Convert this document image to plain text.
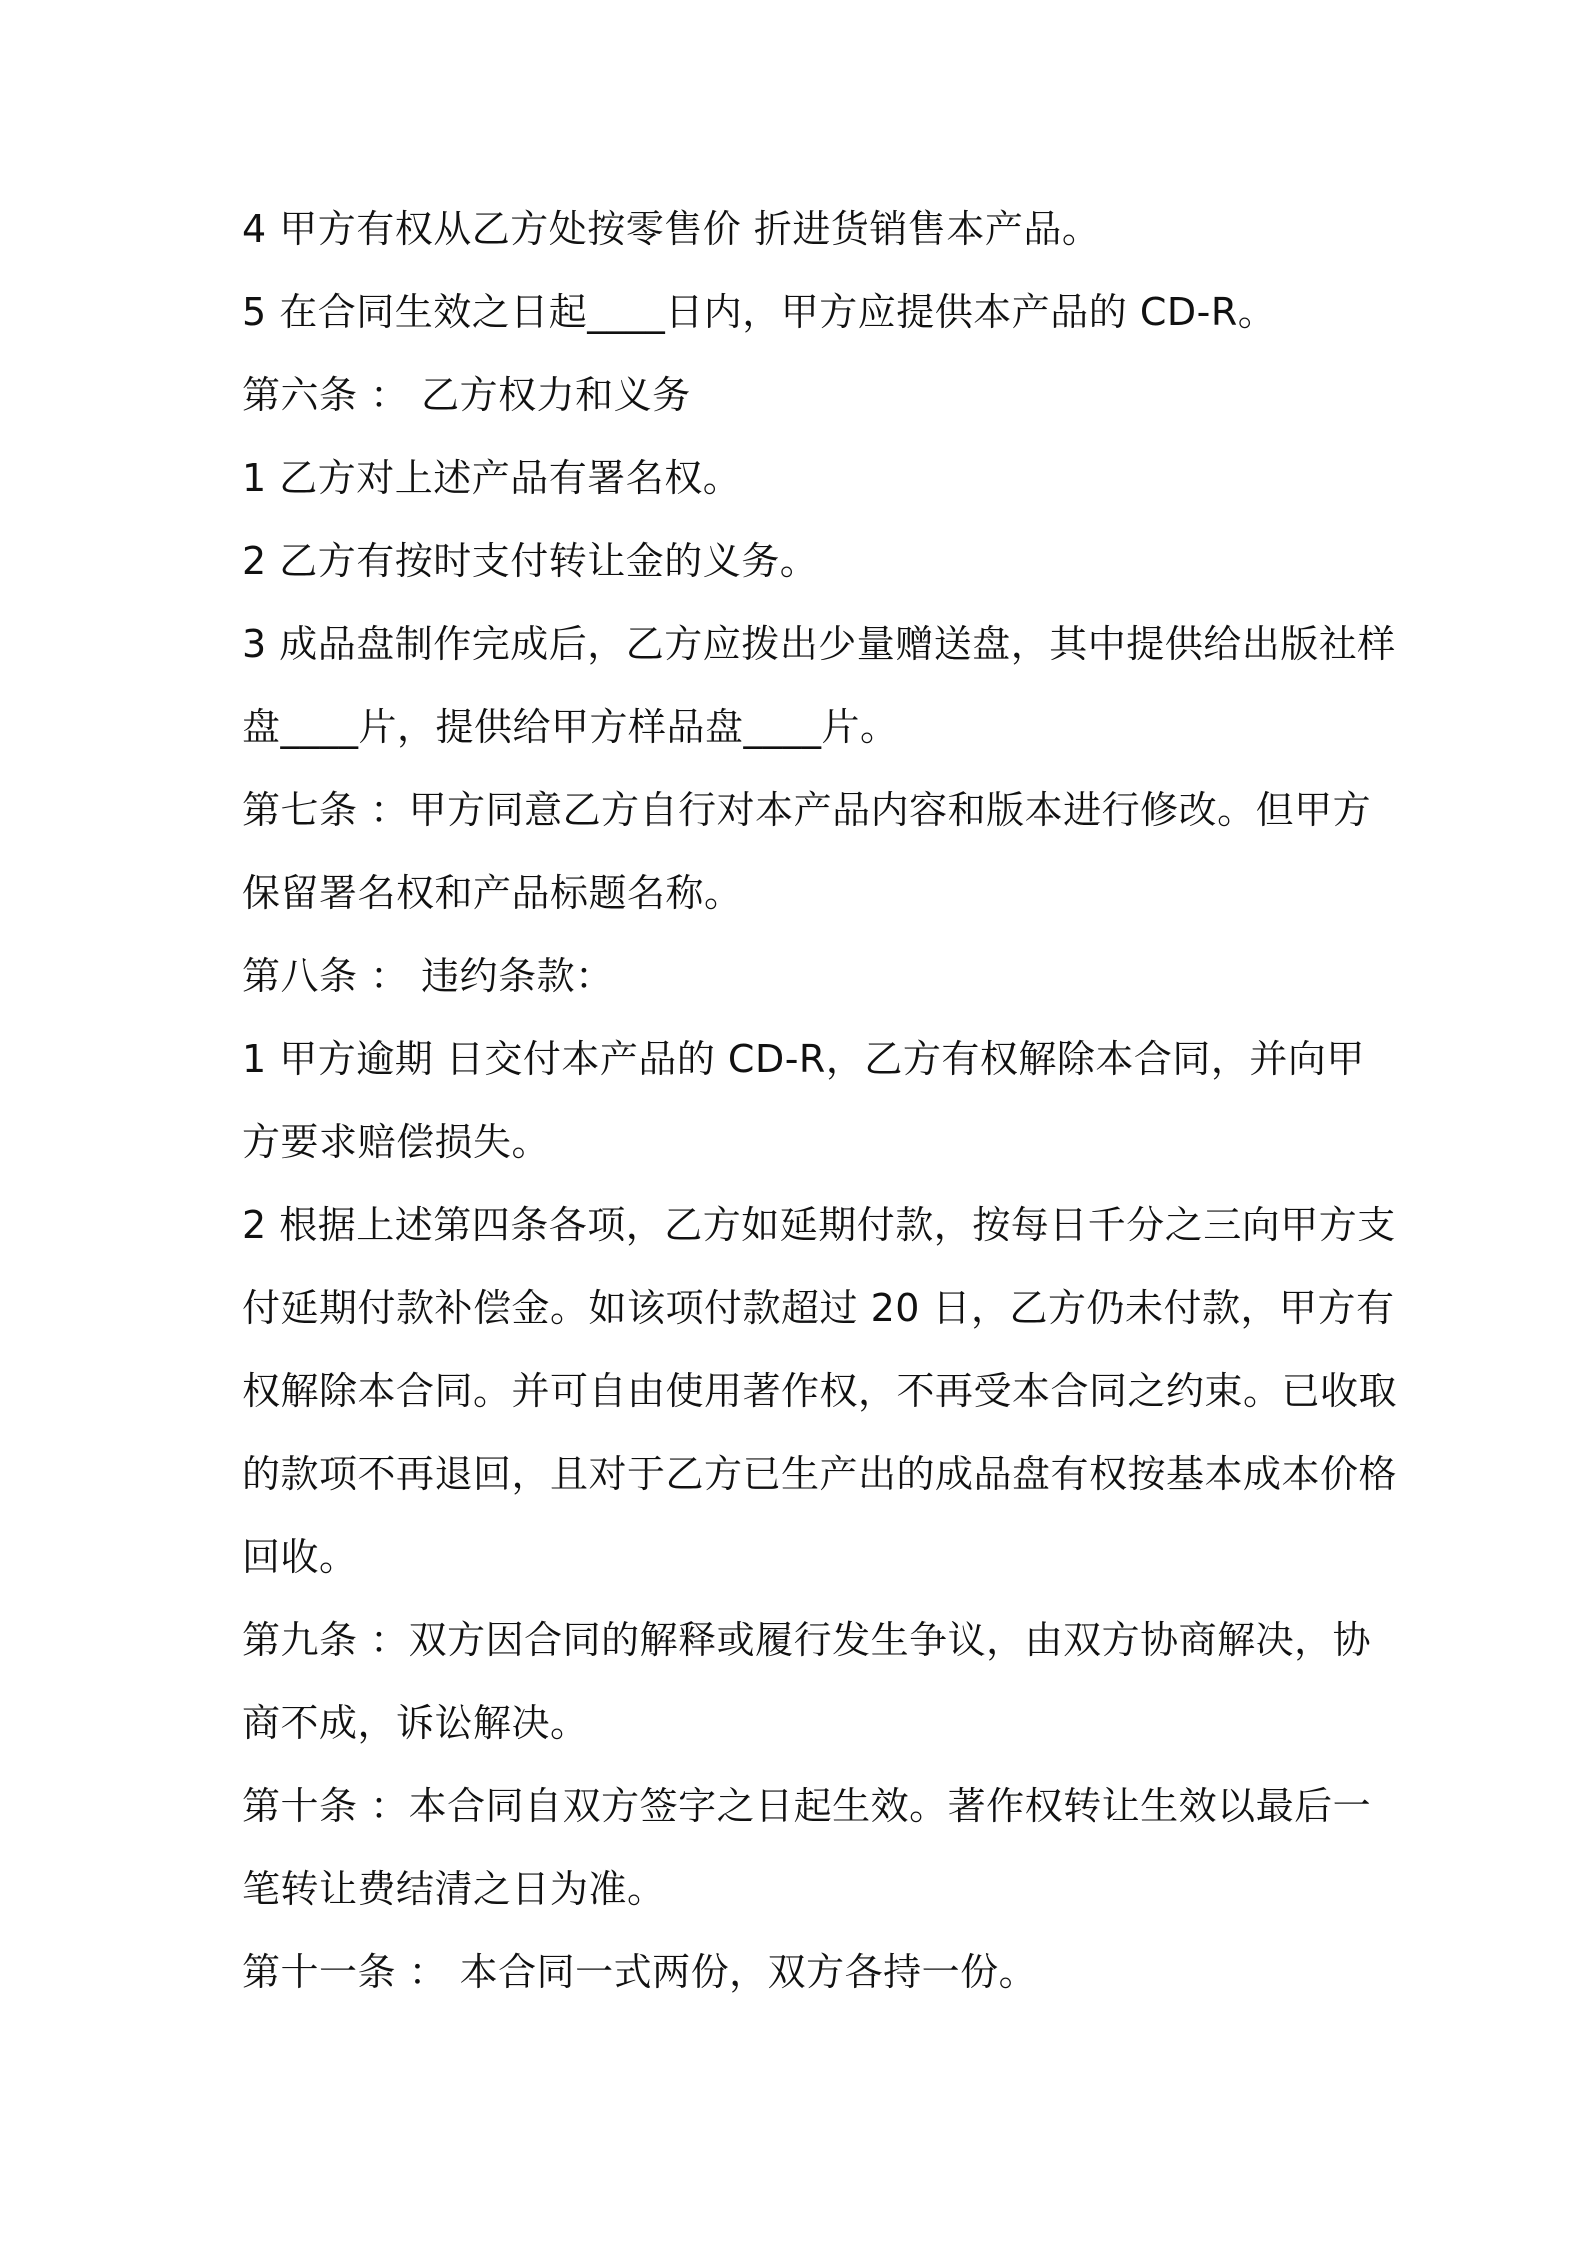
4 甲方有权从乙方处按零售价 折进货销售本产品。
5 在合同生效之日起____日内，甲方应提供本产品的 CD-R。
第六条 ： 乙方权力和义务
1 乙方对上述产品有署名权。
2 乙方有按时支付转让金的义务。
3 成品盘制作完成后，乙方应拨出少量赠送盘，其中提供给出版社样
盘____片，提供给甲方样品盘____片。
第七条 ：甲方同意乙方自行对本产品内容和版本进行修改。但甲方
保留署名权和产品标题名称。
第八条 ： 违约条款：
1 甲方逾期 日交付本产品的 CD-R，乙方有权解除本合同，并向甲
方要求赔偿损失。
2 根据上述第四条各项，乙方如延期付款，按每日千分之三向甲方支
付延期付款补偿金。如该项付款超过 20 日，乙方仍未付款，甲方有
权解除本合同。并可自由使用著作权，不再受本合同之约束。已收取
的款项不再退回，且对于乙方已生产出的成品盘有权按基本成本价格
回收。
第九条 ：双方因合同的解释或履行发生争议，由双方协商解决，协
商不成，诉讼解决。
第十条 ：本合同自双方签字之日起生效。著作权转让生效以最后一
笔转让费结清之日为准。
第十一条 ： 本合同一式两份，双方各持一份。
